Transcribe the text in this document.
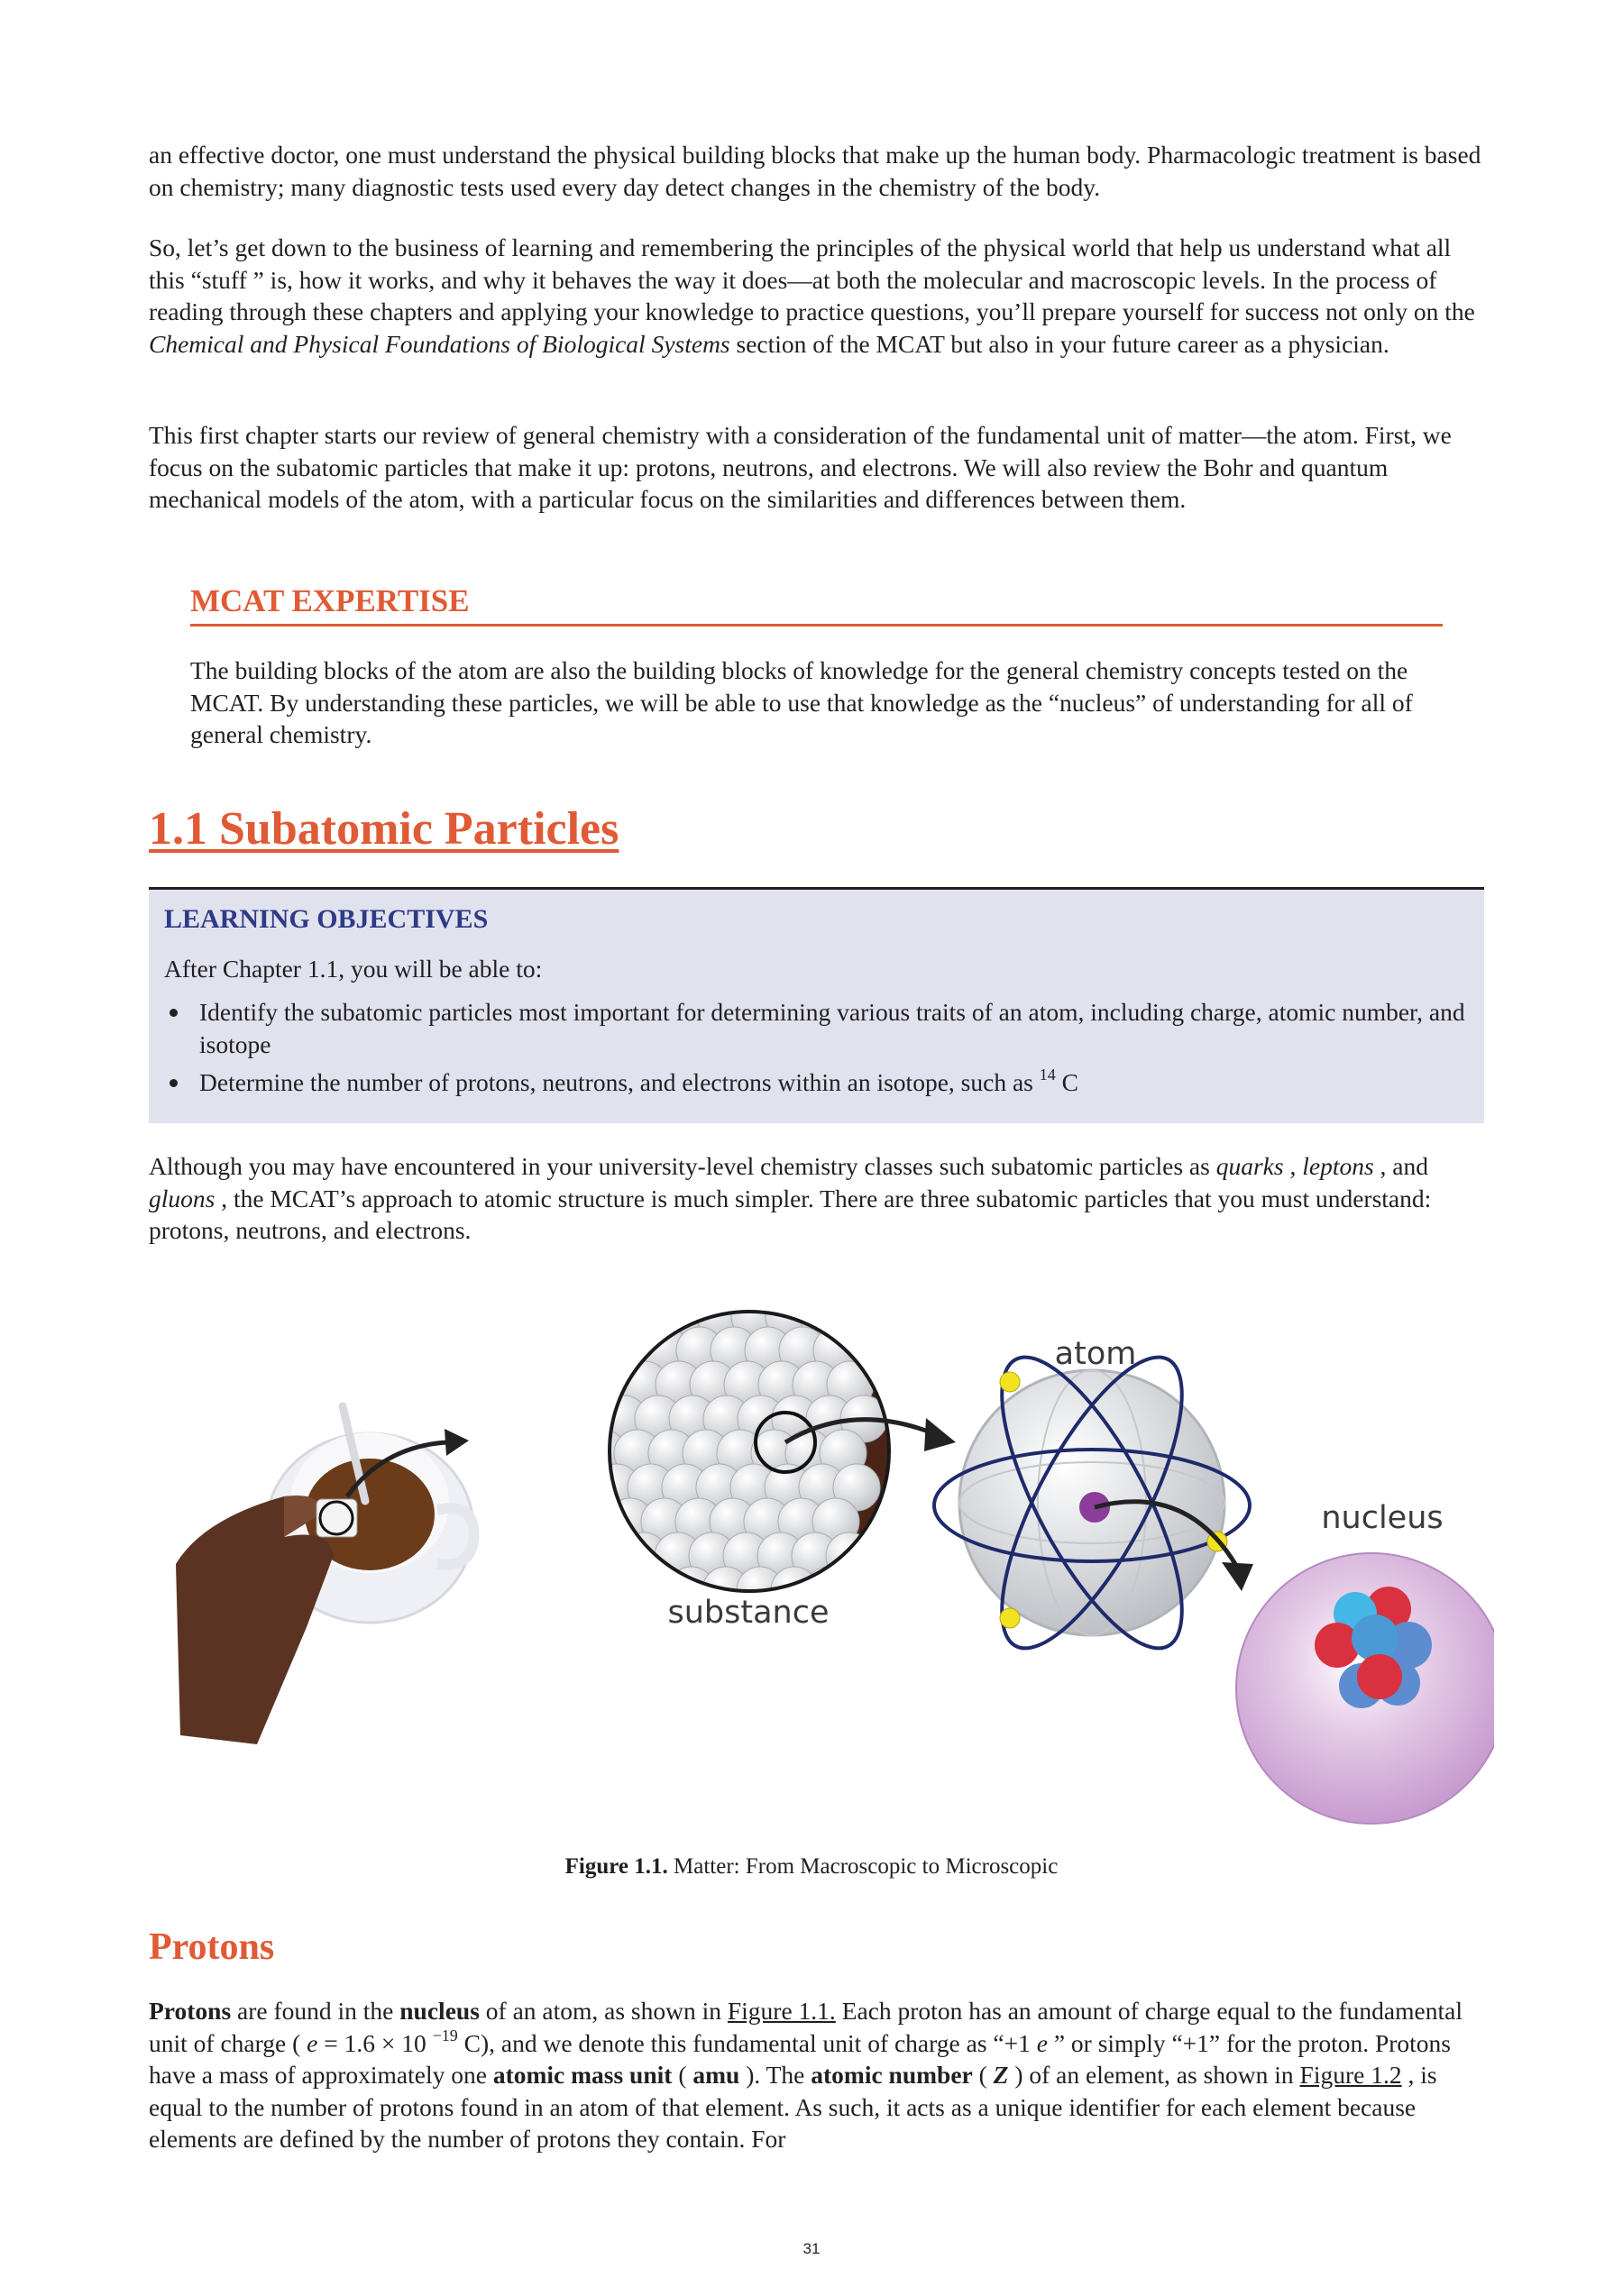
an effective doctor, one must understand the physical building blocks that make up the human body. Pharmacologic treatment is based on chemistry; many diagnostic tests used every day detect changes in the chemistry of the body.

So, let’s get down to the business of learning and remembering the principles of the physical world that help us understand what all this “stuff ” is, how it works, and why it behaves the way it does—at both the molecular and macroscopic levels. In the process of reading through these chapters and applying your knowledge to practice questions, you’ll prepare yourself for success not only on the Chemical and Physical Foundations of Biological Systems section of the MCAT but also in your future career as a physician.

This first chapter starts our review of general chemistry with a consideration of the fundamental unit of matter—the atom. First, we focus on the subatomic particles that make it up: protons, neutrons, and electrons. We will also review the Bohr and quantum mechanical models of the atom, with a particular focus on the similarities and differences between them.

MCAT EXPERTISE

The building blocks of the atom are also the building blocks of knowledge for the general chemistry concepts tested on the MCAT. By understanding these particles, we will be able to use that knowledge as the “nucleus” of understanding for all of general chemistry.

1.1 Subatomic Particles
LEARNING OBJECTIVES
After Chapter 1.1, you will be able to:
Identify the subatomic particles most important for determining various traits of an atom, including charge, atomic number, and isotope
Determine the number of protons, neutrons, and electrons within an isotope, such as $^{14}$ C

Although you may have encountered in your university-level chemistry classes such subatomic particles as quarks , leptons , and gluons , the MCAT’s approach to atomic structure is much simpler. There are three subatomic particles that you must understand: protons, neutrons, and electrons.

atom
substance
nucleus
Figure 1.1. Matter: From Macroscopic to Microscopic
Protons

Protons are found in the nucleus of an atom, as shown in Figure 1.1. Each proton has an amount of charge equal to the fundamental unit of charge ( e = 1.6 × 10 $^{-19}$ C), and we denote this fundamental unit of charge as “+1 e ” or simply “+1” for the proton. Protons have a mass of approximately one atomic mass unit ( amu ). The atomic number ( Z ) of an element, as shown in Figure 1.2 , is equal to the number of protons found in an atom of that element. As such, it acts as a unique identifier for each element because elements are defined by the number of protons they contain. For

31
